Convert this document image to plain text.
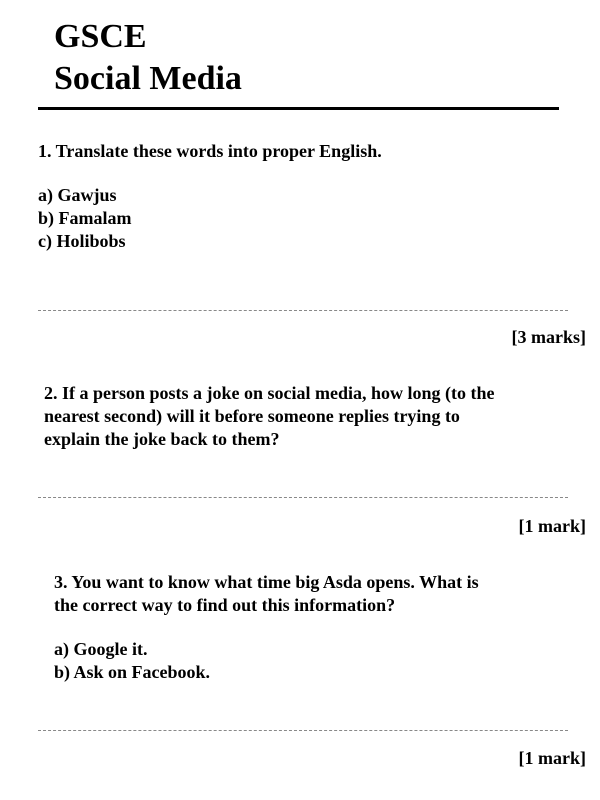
GSCE
Social Media
1. Translate these words into proper English.
a) Gawjus
b) Famalam
c) Holibobs
[3 marks]
2. If a person posts a joke on social media, how long (to the
nearest second) will it before someone replies trying to
explain the joke back to them?
[1 mark]
3. You want to know what time big Asda opens. What is
the correct way to find out this information?
a) Google it.
b) Ask on Facebook.
[1 mark]
